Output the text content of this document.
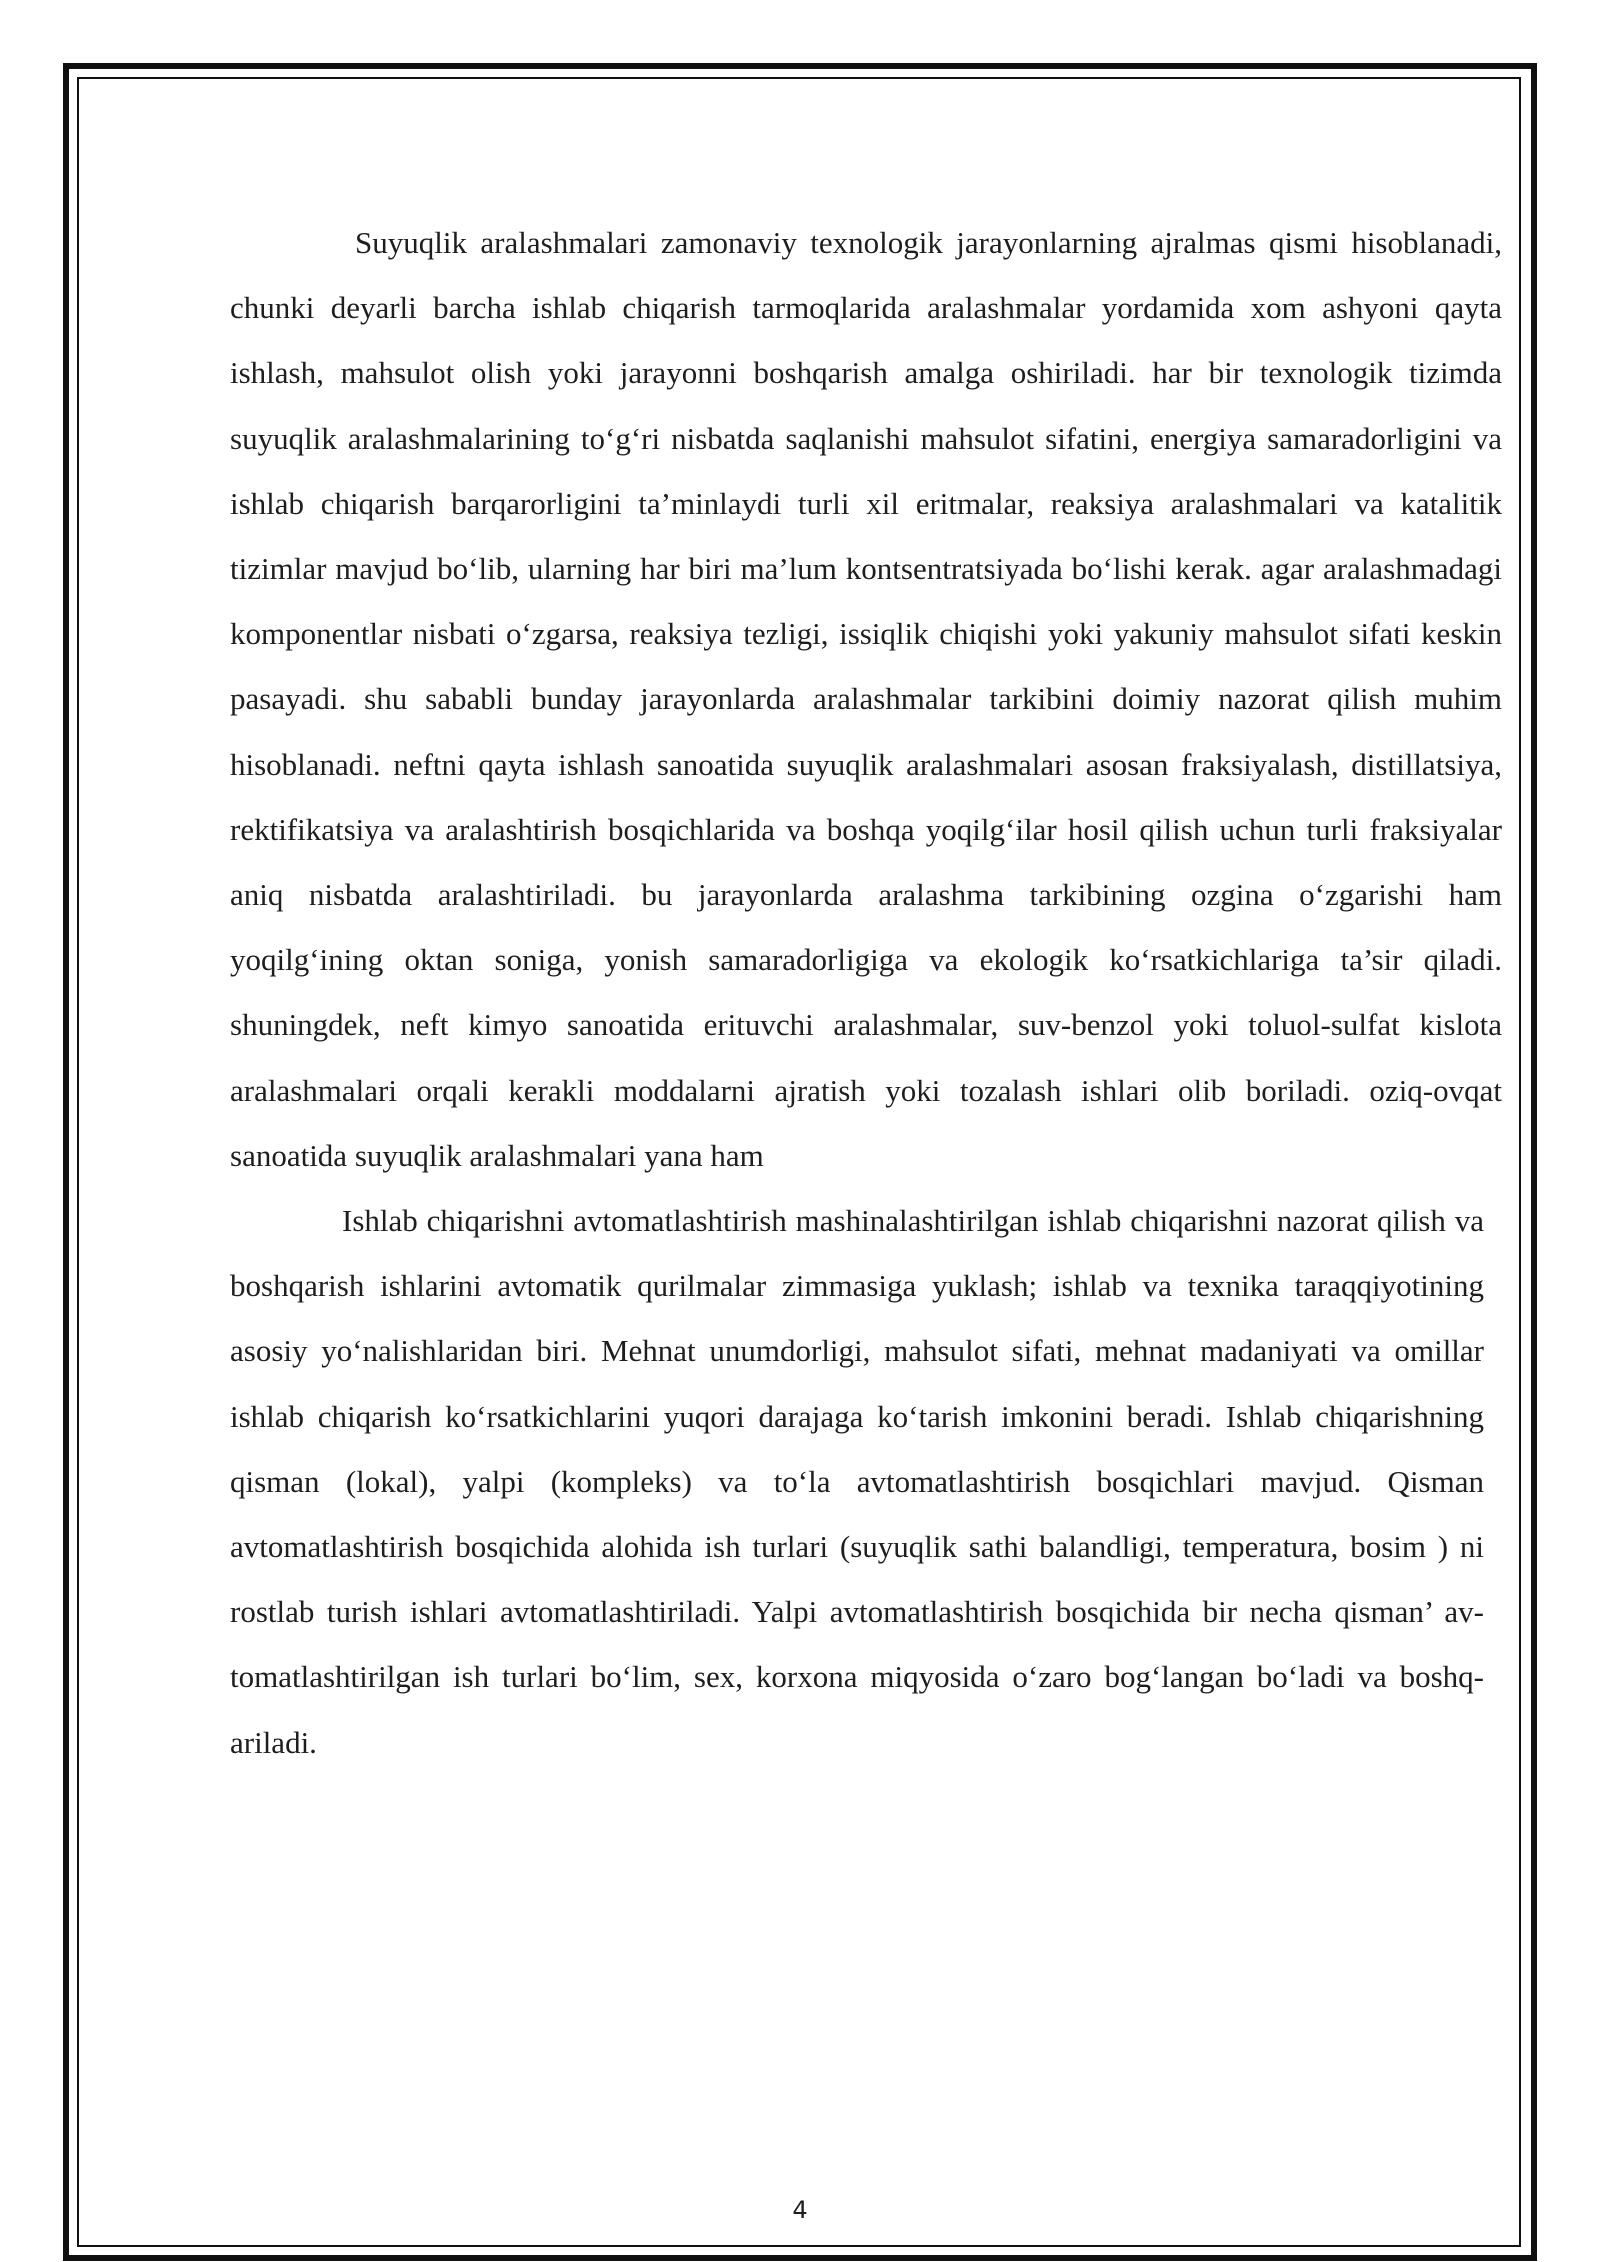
Suyuqlik aralashmalari zamonaviy texnologik jarayonlarning ajralmas qismi hisoblanadi, chunki deyarli barcha ishlab chiqarish tarmoqlarida aralashmalar yordamida xom ashyoni qayta ishlash, mahsulot olish yoki jarayonni boshqarish amalga oshiriladi. har bir texnologik tizimda suyuqlik aralashmalarining to‘g‘ri nisbatda saqlanishi mahsulot sifatini, energiya samaradorligini va ishlab chiqarish barqarorligini ta’minlaydi turli xil eritmalar, reaksiya aralashmalari va katalitik tizimlar mavjud bo‘lib, ularning har biri ma’lum kontsentratsiyada bo‘lishi kerak. agar aralashmadagi komponentlar nisbati o‘zgarsa, reaksiya tezligi, issiqlik chiqishi yoki yakuniy mahsulot sifati keskin pasayadi. shu sababli bunday jarayonlarda aralashmalar tarkibini doimiy nazorat qilish muhim hisoblanadi. neftni qayta ishlash sanoatida suyuqlik aralashmalari asosan fraksiyalash, distillatsiya, rektifikatsiya va aralashtirish bosqichlarida va boshqa yoqilg‘ilar hosil qilish uchun turli fraksiyalar aniq nisbatda aralashtiriladi. bu jarayonlarda aralashma tarkibining ozgina o‘zgarishi ham yoqilg‘ining oktan soniga, yonish samaradorligiga va ekologik ko‘rsatkichlariga ta’sir qiladi. shuningdek, neft kimyo sanoatida erituvchi aralashmalar, suv-benzol yoki toluol-sulfat kislota aralashmalari orqali kerakli moddalarni ajratish yoki tozalash ishlari olib boriladi. oziq-ovqat sanoatida suyuqlik aralashmalari yana ham

Ishlab chiqarishni avtomatlashtirish mashinalashtirilgan ishlab chiqarishni nazorat qilish va boshqarish ishlarini avtomatik qurilmalar zimmasiga yuklash; ishlab va texnika taraqqiyotining asosiy yo‘nalishlaridan biri. Mehnat unumdorligi, mahsulot sifati, mehnat madaniyati va omillar ishlab chiqarish ko‘rsatkichlarini yuqori darajaga ko‘tarish imkonini beradi. Ishlab chiqarishning qisman (lokal), yalpi (kompleks) va to‘la avtomatlashtirish bosqichlari mavjud. Qisman avtomatlashtirish bosqichida alohida ish turlari (suyuqlik sathi balandligi, temperatura, bosim ) ni rostlab turish ishlari avtomatlashtiriladi. Yalpi avtomatlashtirish bosqichida bir necha qisman’ av-tomatlashtirilgan ish turlari bo‘lim, sex, korxona miqyosida o‘zaro bog‘langan bo‘ladi va boshq-ariladi.

4
